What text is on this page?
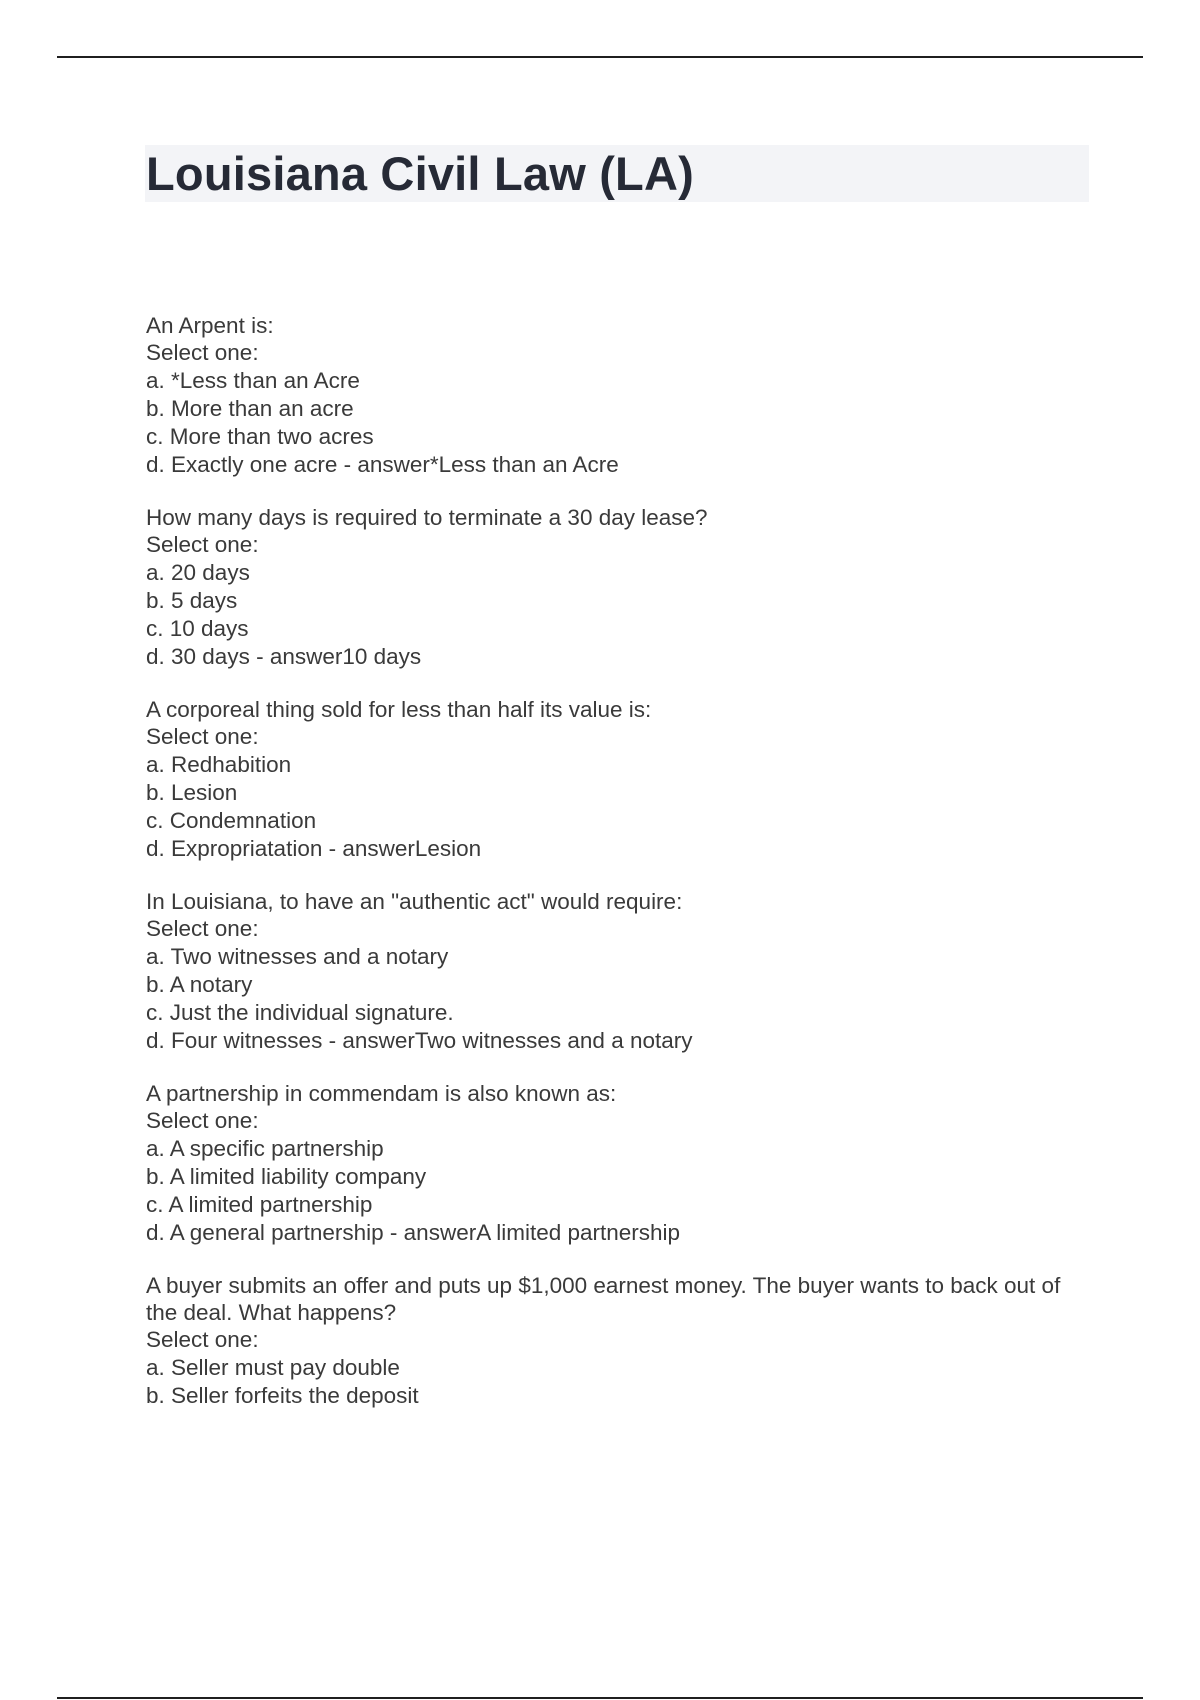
Louisiana Civil Law (LA)
An Arpent is:
Select one:
a. *Less than an Acre
b. More than an acre
c. More than two acres
d. Exactly one acre - answer*Less than an Acre
How many days is required to terminate a 30 day lease?
Select one:
a. 20 days
b. 5 days
c. 10 days
d. 30 days - answer10 days
A corporeal thing sold for less than half its value is:
Select one:
a. Redhabition
b. Lesion
c. Condemnation
d. Expropriatation - answerLesion
In Louisiana, to have an "authentic act" would require:
Select one:
a. Two witnesses and a notary
b. A notary
c. Just the individual signature.
d. Four witnesses - answerTwo witnesses and a notary
A partnership in commendam is also known as:
Select one:
a. A specific partnership
b. A limited liability company
c. A limited partnership
d. A general partnership - answerA limited partnership
A buyer submits an offer and puts up $1,000 earnest money. The buyer wants to back out of the deal. What happens?
Select one:
a. Seller must pay double
b. Seller forfeits the deposit
